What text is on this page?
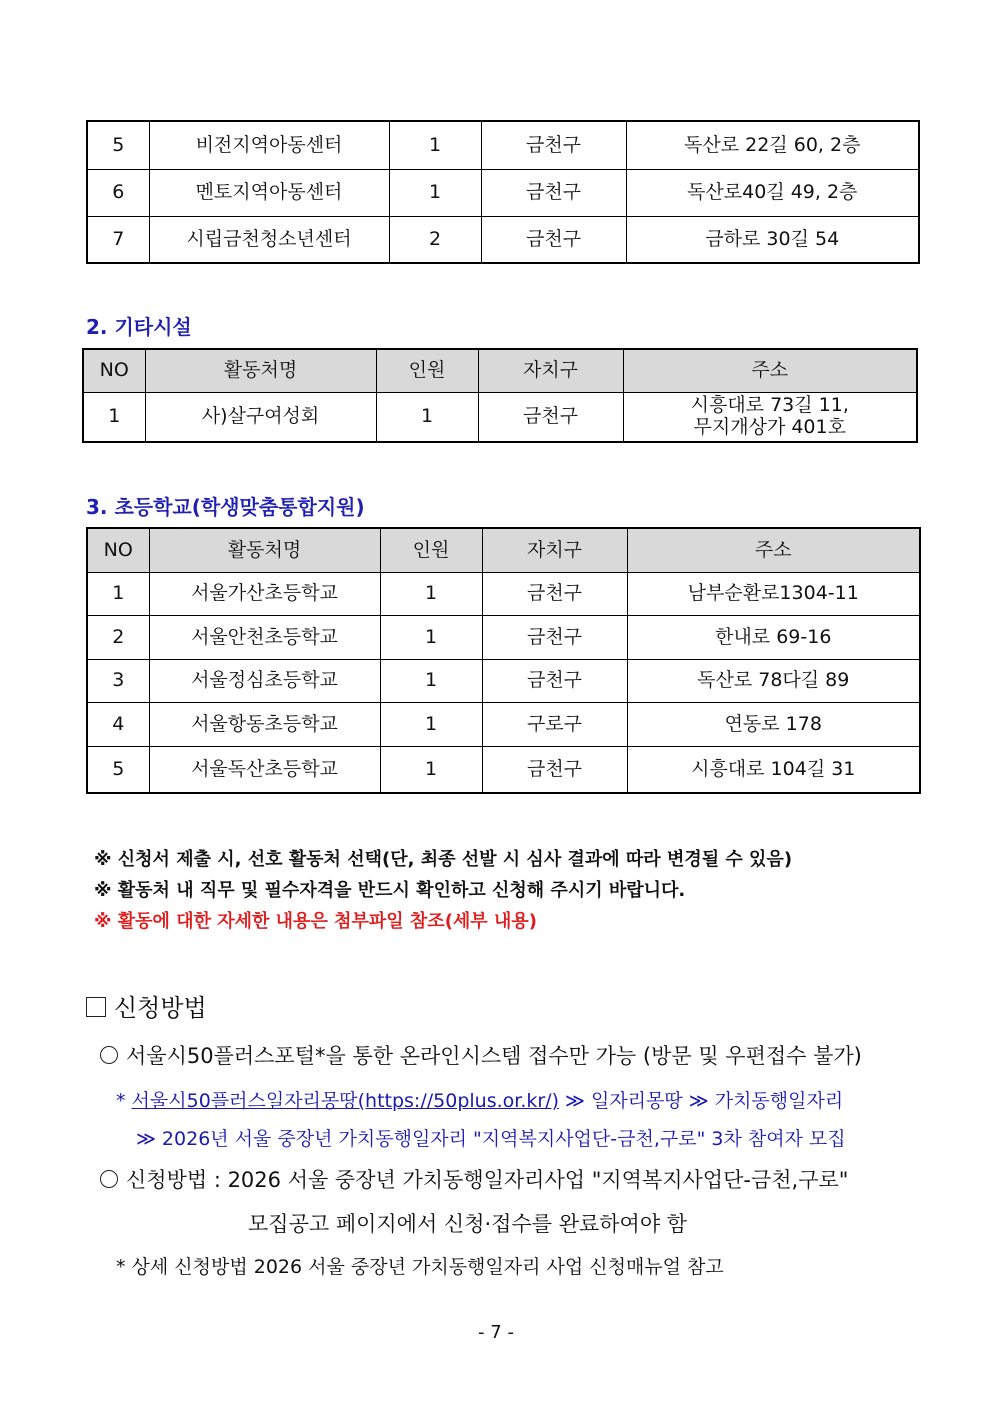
5	비전지역아동센터	1	금천구	독산로 22길 60, 2층
6	멘토지역아동센터	1	금천구	독산로40길 49, 2층
7	시립금천청소년센터	2	금천구	금하로 30길 54
2. 기타시설
NO	활동처명	인원	자치구	주소
1	사)살구여성회	1	금천구	시흥대로 73길 11,
무지개상가 401호
3. 초등학교(학생맞춤통합지원)
NO	활동처명	인원	자치구	주소
1	서울가산초등학교	1	금천구	남부순환로1304-11
2	서울안천초등학교	1	금천구	한내로 69-16
3	서울정심초등학교	1	금천구	독산로 78다길 89
4	서울항동초등학교	1	구로구	연동로 178
5	서울독산초등학교	1	금천구	시흥대로 104길 31
※ 신청서 제출 시, 선호 활동처 선택(단, 최종 선발 시 심사 결과에 따라 변경될 수 있음)
※ 활동처 내 직무 및 필수자격을 반드시 확인하고 신청해 주시기 바랍니다.
※ 활동에 대한 자세한 내용은 첨부파일 참조(세부 내용)
신청방법
서울시50플러스포털*을 통한 온라인시스템 접수만 가능 (방문 및 우편접수 불가)
* 서울시50플러스일자리몽땅(https://50plus.or.kr/) ≫ 일자리몽땅 ≫ 가치동행일자리
≫ 2026년 서울 중장년 가치동행일자리 "지역복지사업단-금천,구로" 3차 참여자 모집
신청방법 : 2026 서울 중장년 가치동행일자리사업 "지역복지사업단-금천,구로"
모집공고 페이지에서 신청·접수를 완료하여야 함
* 상세 신청방법 2026 서울 중장년 가치동행일자리 사업 신청매뉴얼 참고
- 7 -
